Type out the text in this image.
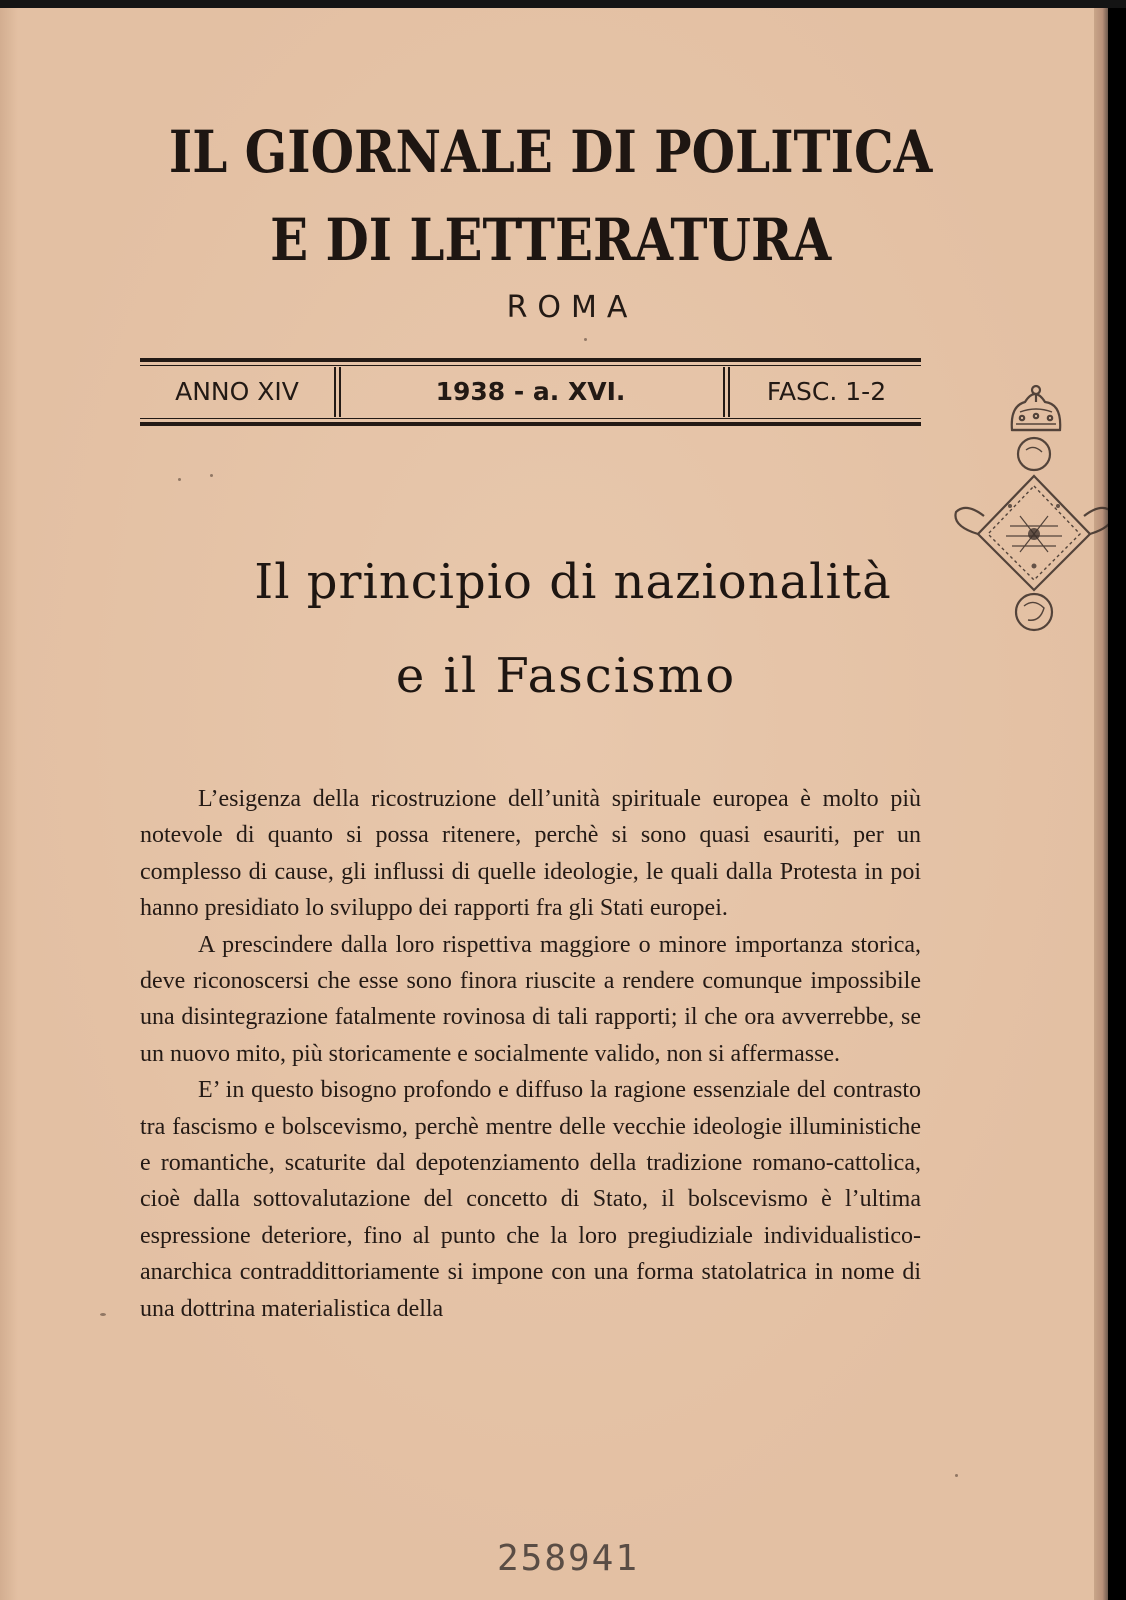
IL GIORNALE DI POLITICA
E DI LETTERATURA
ROMA
ANNO XIV	1938 - a. XVI.	FASC. 1-2
Il principio di nazionalità
e il Fascismo

L’esigenza della ricostruzione dell’unità spirituale europea è molto più notevole di quanto si possa ritenere, perchè si sono quasi esauriti, per un complesso di cause, gli influssi di quelle ideologie, le quali dalla Protesta in poi hanno presidiato lo sviluppo dei rapporti fra gli Stati europei.

A prescindere dalla loro rispettiva maggiore o minore importanza storica, deve riconoscersi che esse sono finora riuscite a rendere comunque impossibile una disintegrazione fatalmente rovinosa di tali rapporti; il che ora avverrebbe, se un nuovo mito, più storicamente e socialmente valido, non si affermasse.

E’ in questo bisogno profondo e diffuso la ragione essenziale del contrasto tra fascismo e bolscevismo, perchè mentre delle vecchie ideologie illuministiche e romantiche, scaturite dal depotenziamento della tradizione romano-cattolica, cioè dalla sottovalutazione del concetto di Stato, il bolscevismo è l’ultima espressione deteriore, fino al punto che la loro pregiudiziale individualistico-anarchica contraddittoriamente si impone con una forma statolatrica in nome di una dottrina materialistica della

258941
